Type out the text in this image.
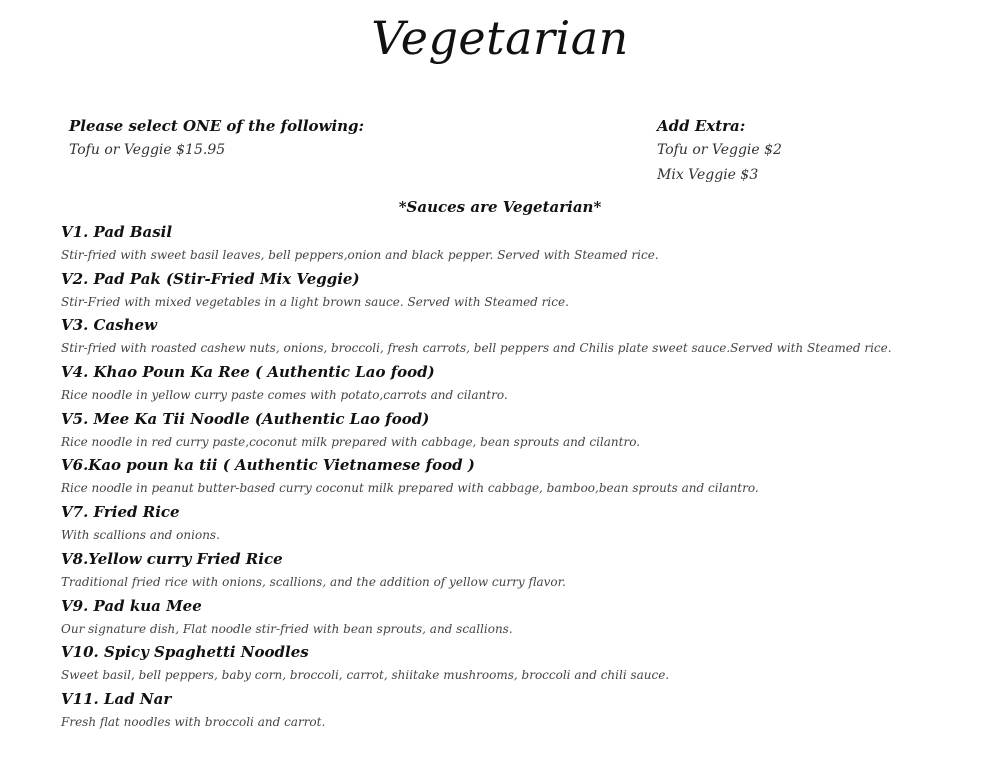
Vegetarian
Please select ONE of the following:
Tofu or Veggie $15.95
Add Extra:
Tofu or Veggie $2
Mix Veggie $3
*Sauces are Vegetarian*
V1. Pad Basil
Stir-fried with sweet basil leaves, bell peppers,onion and black pepper. Served with Steamed rice.
V2. Pad Pak (Stir-Fried Mix Veggie)
Stir-Fried with mixed vegetables in a light brown sauce. Served with Steamed rice.
V3. Cashew
Stir-fried with roasted cashew nuts, onions, broccoli, fresh carrots, bell peppers and Chilis plate sweet sauce.Served with Steamed rice.
V4. Khao Poun Ka Ree ( Authentic Lao food)
Rice noodle in yellow curry paste comes with potato,carrots and cilantro.
V5. Mee Ka Tii Noodle (Authentic Lao food)
Rice noodle in red curry paste,coconut milk prepared with cabbage, bean sprouts and cilantro.
V6.Kao poun ka tii ( Authentic Vietnamese food )
Rice noodle in peanut butter-based curry coconut milk prepared with cabbage, bamboo,bean sprouts and cilantro.
V7. Fried Rice
With scallions and onions.
V8.Yellow curry Fried Rice
Traditional fried rice with onions, scallions, and the addition of yellow curry flavor.
V9. Pad kua Mee
Our signature dish, Flat noodle stir-fried with bean sprouts, and scallions.
V10. Spicy Spaghetti Noodles
Sweet basil, bell peppers, baby corn, broccoli, carrot, shiitake mushrooms, broccoli and chili sauce.
V11. Lad Nar
Fresh flat noodles with broccoli and carrot.
